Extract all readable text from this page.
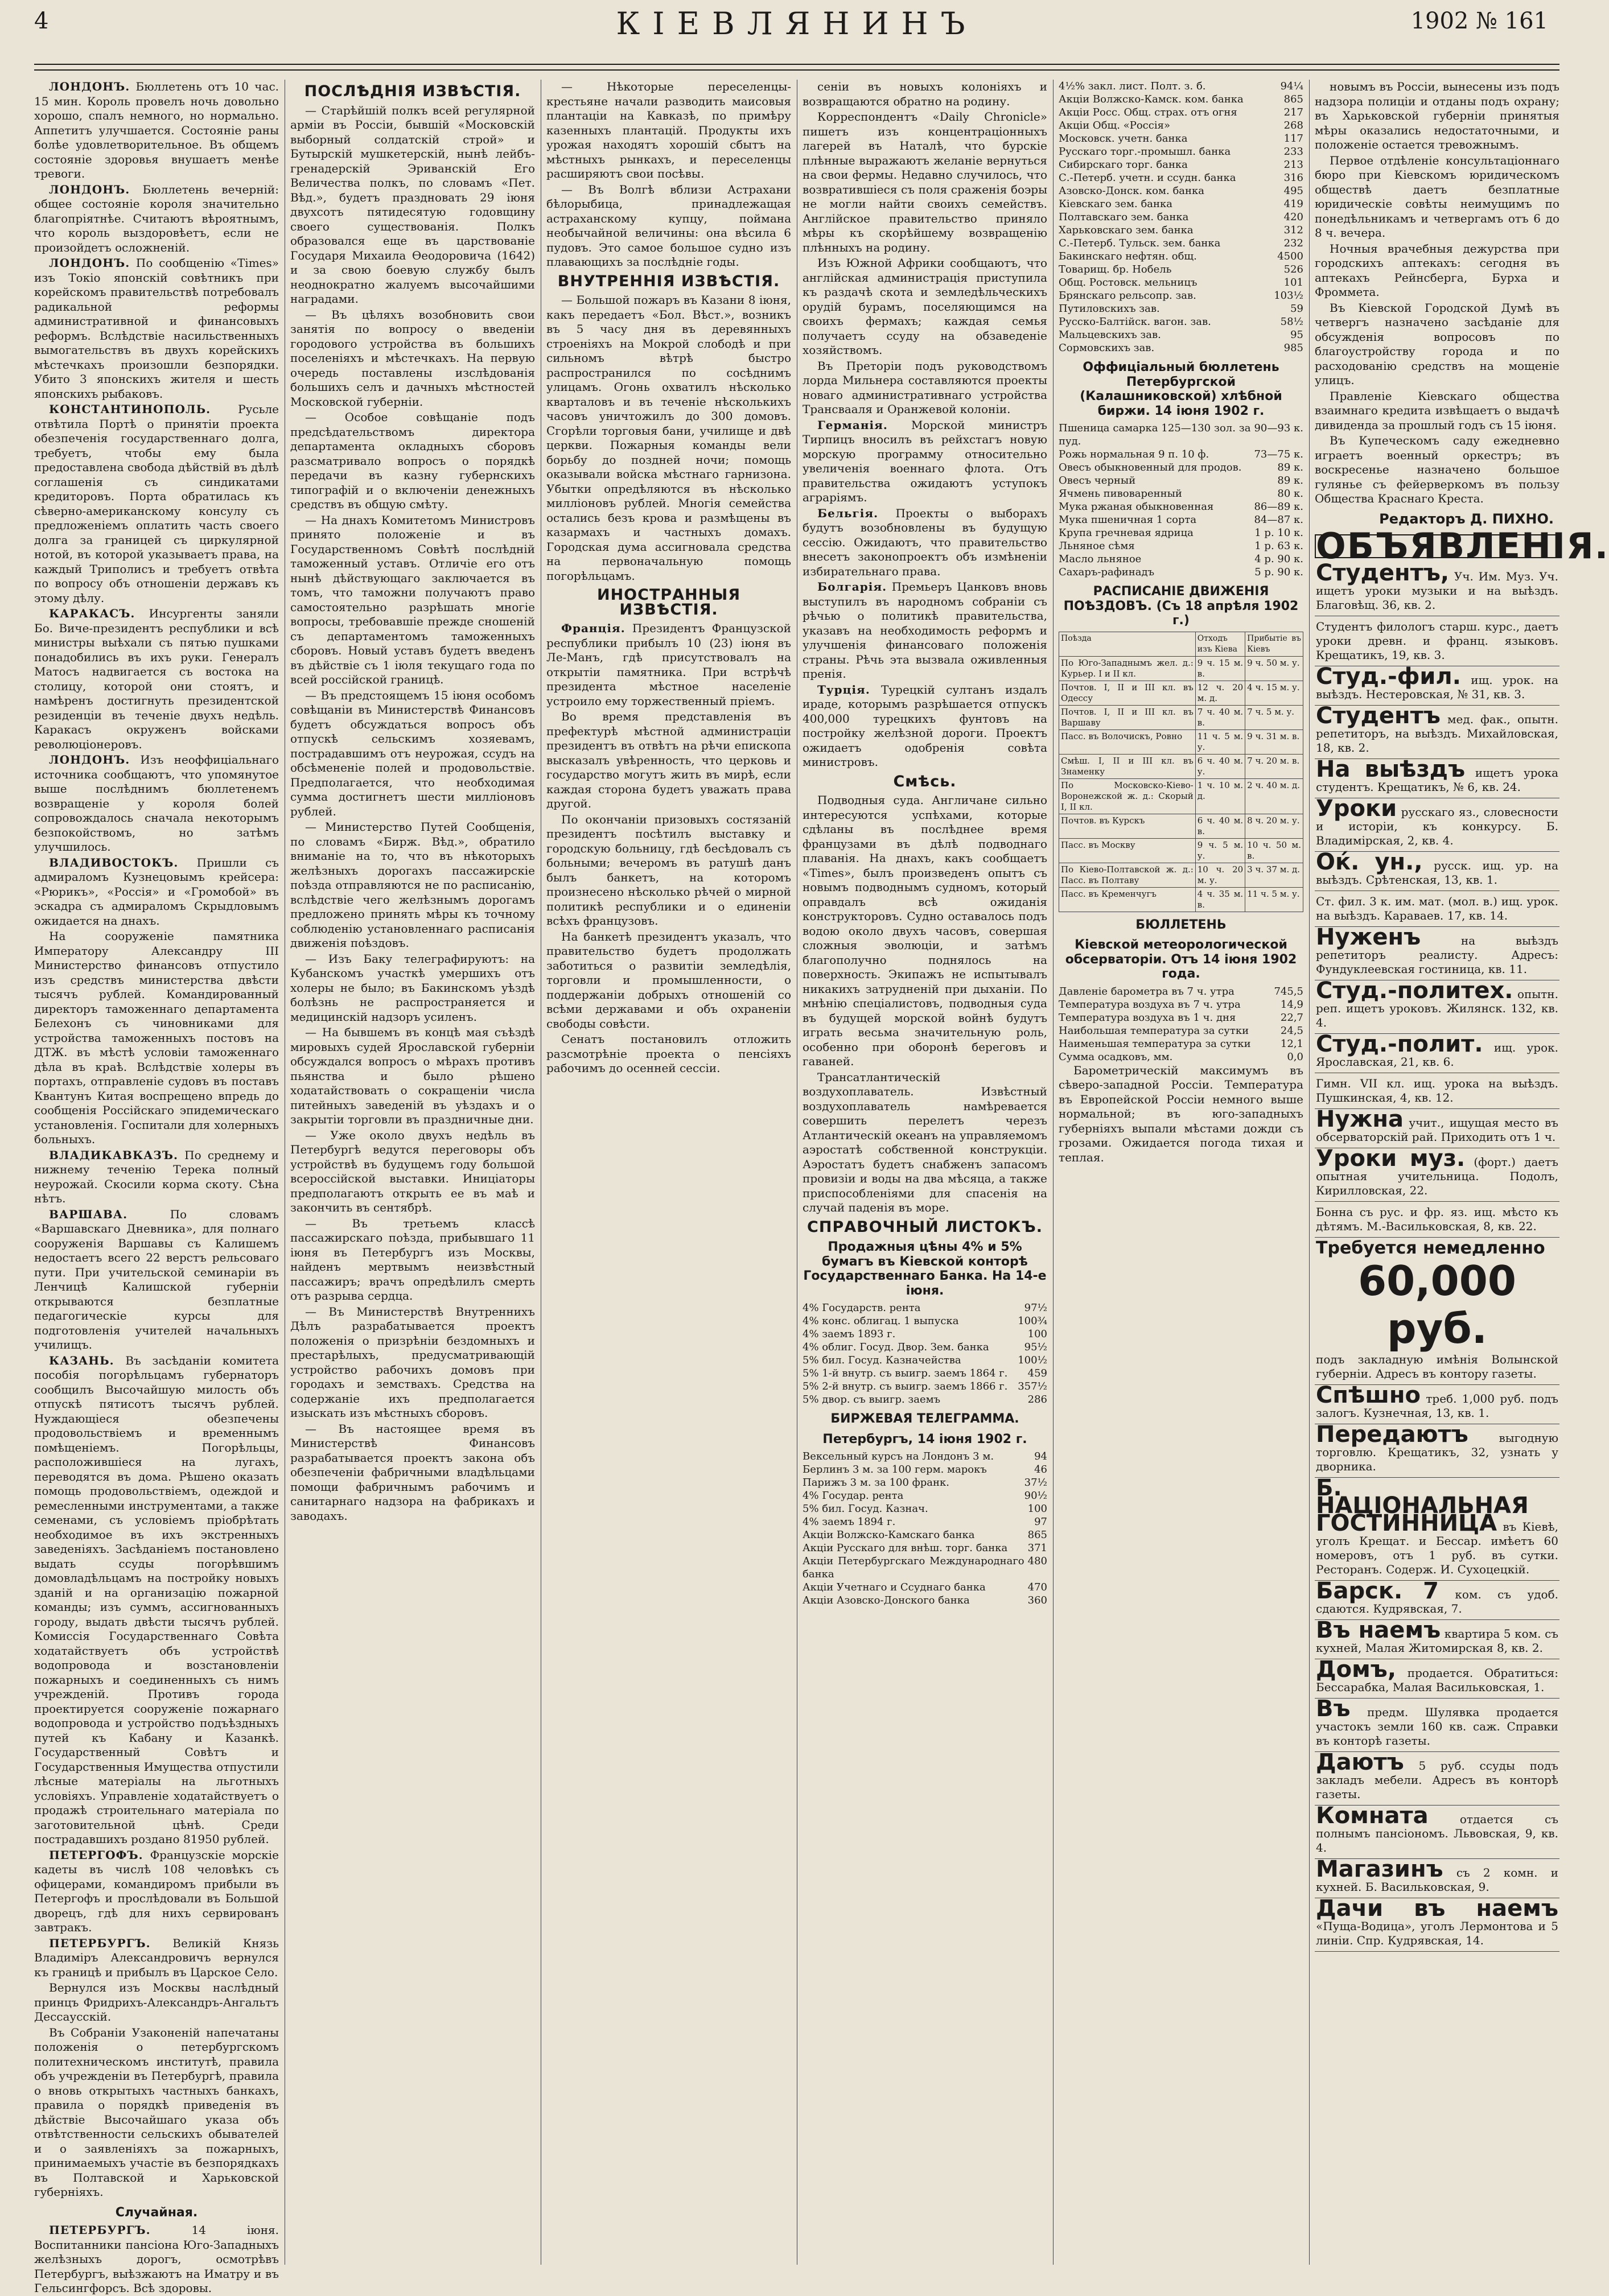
4	КІЕВЛЯНИНЪ	1902 № 161

ЛОНДОНЪ. Бюллетень отъ 10 час. 15 мин. Король провелъ ночь довольно хорошо, спалъ немного, но нормально. Аппетитъ улучшается. Состояніе раны болѣе удовлетворительное. Въ общемъ состояніе здоровья внушаетъ менѣе тревоги.

ЛОНДОНЪ. Бюллетень вечерній: общее состояніе короля значительно благопріятнѣе. Считаютъ вѣроятнымъ, что король выздоровѣетъ, если не произойдетъ осложненій.

ЛОНДОНЪ. По сообщенію «Times» изъ Токіо японскій совѣтникъ при корейскомъ правительствѣ потребовалъ радикальной реформы административной и финансовыхъ реформъ. Вслѣдствіе насильственныхъ вымогательствъ въ двухъ корейскихъ мѣстечкахъ произошли безпорядки. Убито 3 японскихъ жителя и шесть японскихъ рыбаковъ.

КОНСТАНТИНОПОЛЬ. Русьле отвѣтила Портѣ о принятіи проекта обезпеченія государственнаго долга, требуетъ, чтобы ему была предоставлена свобода дѣйствій въ дѣлѣ соглашенія съ синдикатами кредиторовъ. Порта обратилась къ сѣверно-американскому консулу съ предложеніемъ оплатить часть своего долга за границей съ циркулярной нотой, въ которой указываетъ права, на каждый Триполисъ и требуетъ отвѣта по вопросу объ отношеніи державъ къ этому дѣлу.

КАРАКАСЪ. Инсургенты заняли Бо. Виче-президентъ республики и всѣ министры выѣхали съ пятью пушками понадобились въ ихъ руки. Генералъ Матосъ надвигается съ востока на столицу, которой они стоятъ, и намѣренъ достигнуть президентской резиденціи въ теченіе двухъ недѣль. Каракасъ окруженъ войсками революціонеровъ.

ЛОНДОНЪ. Изъ неоффиціальнаго источника сообщаютъ, что упомянутое выше послѣднимъ бюллетенемъ возвращеніе у короля болей сопровождалось сначала некоторымъ безпокойствомъ, но затѣмъ улучшилось.

ВЛАДИВОСТОКЪ. Пришли съ адмираломъ Кузнецовымъ крейсера: «Рюрикъ», «Россія» и «Громобой» въ эскадра съ адмираломъ Скрыдловымъ ожидается на днахъ.

На сооруженіе памятника Императору Александру III Министерство финансовъ отпустило изъ средствъ министерства двѣсти тысячъ рублей. Командированный директоръ таможеннаго департамента Белехонъ съ чиновниками для устройства таможенныхъ постовъ на ДТЖ. въ мѣстѣ условіи таможеннаго дѣла въ краѣ. Вслѣдствіе холеры въ портахъ, отправленіе судовъ въ поставъ Квантунъ Китая воспрещено впредь до сообщенія Россійскаго эпидемическаго установленія. Госпитали для холерныхъ больныхъ.

ВЛАДИКАВКАЗЪ. По среднему и нижнему теченію Терека полный неурожай. Скосили корма скоту. Сѣна нѣтъ.

ВАРШАВА.	По словамъ «Варшавскаго Дневника», для полнаго сооруженія Варшавы съ Калишемъ недостаетъ всего 22 верстъ рельсоваго пути. При учительской семинаріи въ Ленчицѣ Калишской губерніи открываются безплатные педагогическіе курсы для подготовленія учителей начальныхъ училищъ.

КАЗАНЬ. Въ засѣданіи комитета пособія погорѣльцамъ губернаторъ сообщилъ Высочайшую милость объ отпускѣ пятисотъ тысячъ рублей. Нуждающіеся обезпечены продовольствіемъ и временнымъ помѣщеніемъ. Погорѣльцы, расположившіеся на лугахъ, переводятся въ дома. Рѣшено оказать помощь продовольствіемъ, одеждой и ремесленными инструментами, а также семенами, съ условіемъ пріобрѣтать необходимое въ ихъ экстренныхъ заведеніяхъ. Засѣданіемъ постановлено выдать ссуды погорѣвшимъ домовладѣльцамъ на постройку новыхъ зданій и на организацію пожарной команды; изъ суммъ, ассигнованныхъ городу, выдать двѣсти тысячъ рублей. Комиссія Государственнаго Совѣта ходатайствуетъ объ устройствѣ водопровода и возстановленіи пожарныхъ и соединенныхъ съ нимъ учрежденій. Противъ города проектируется сооруженіе пожарнаго водопровода и устройство подъѣздныхъ путей къ Кабану и Казанкѣ. Государственный Совѣтъ и Государственныя Имущества отпустили лѣсные матеріалы на льготныхъ условіяхъ. Управленіе ходатайствуетъ о продажѣ строительнаго матеріала по заготовительной цѣнѣ. Среди пострадавшихъ роздано 81950 рублей.

ПЕТЕРГОФЪ. Французскіе морскіе кадеты въ числѣ 108 человѣкъ съ офицерами, командиромъ прибыли въ Петергофъ и прослѣдовали въ Большой дворецъ, гдѣ для нихъ сервированъ завтракъ.

ПЕТЕРБУРГЪ. Великій Князь Владиміръ Александровичъ вернулся къ границѣ и прибылъ въ Царское Село.

Вернулся изъ Москвы наслѣдный принцъ Фридрихъ-Александръ-Ангальтъ Дессаусскій.

Въ Собраніи Узаконеній напечатаны положенія о петербургскомъ политехническомъ институтѣ, правила объ учрежденіи въ Петербургѣ, правила о вновь открытыхъ частныхъ банкахъ, правила о порядкѣ приведенія въ дѣйствіе Высочайшаго указа объ отвѣтственности сельскихъ обывателей и о заявленіяхъ за пожарныхъ, принимаемыхъ участіе въ безпорядкахъ въ Полтавской и Харьковской губерніяхъ.

Случайная.

ПЕТЕРБУРГЪ.	14 іюня. Воспитанники пансіона Юго-Западныхъ желѣзныхъ дорогъ, осмотрѣвъ Петербургъ, выѣзжаютъ на Иматру и въ Гельсингфорсъ. Всѣ здоровы.

ПОСЛѢДНІЯ ИЗВѢСТІЯ.

— Старѣйшій полкъ всей регулярной арміи въ Россіи, бывшій «Московскій выборный солдатскій строй» и Бутырскій мушкетерскій, нынѣ лейбъ-гренадерскій Эриванскій Его Величества полкъ, по словамъ «Пет. Вѣд.», будетъ праздновать 29 іюня двухсотъ пятидесятую годовщину своего существованія. Полкъ образовался еще въ царствованіе Государя Михаила Ѳеодоровича (1642) и за свою боевую службу былъ неоднократно жалуемъ высочайшими наградами.

— Въ цѣляхъ возобновить свои занятія по вопросу о введеніи городового устройства въ большихъ поселеніяхъ и мѣстечкахъ. На первую очередь поставлены изслѣдованія большихъ селъ и дачныхъ мѣстностей Московской губерніи.

— Особое совѣщаніе подъ предсѣдательствомъ директора департамента окладныхъ сборовъ разсматривало вопросъ о порядкѣ передачи въ казну губернскихъ типографій и о включеніи денежныхъ средствъ въ общую смѣту.

— На днахъ Комитетомъ Министровъ принято положеніе и въ Государственномъ Совѣтѣ послѣдній таможенный уставъ. Отличіе его отъ нынѣ дѣйствующаго заключается въ томъ, что таможни получаютъ право самостоятельно разрѣшать многіе вопросы, требовавшіе прежде сношеній съ департаментомъ таможенныхъ сборовъ. Новый уставъ будетъ введенъ въ дѣйствіе съ 1 іюля текущаго года по всей россійской границѣ.

— Въ предстоящемъ 15 іюня особомъ совѣщаніи въ Министерствѣ Финансовъ будетъ обсуждаться вопросъ объ отпускѣ сельскимъ хозяевамъ, пострадавшимъ отъ неурожая, ссудъ на обсѣмененіе полей и продовольствіе. Предполагается, что необходимая сумма достигнетъ шести милліоновъ рублей.

— Министерство Путей Сообщенія, по словамъ «Бирж. Вѣд.», обратило вниманіе на то, что въ нѣкоторыхъ желѣзныхъ дорогахъ пассажирскіе поѣзда отправляются не по расписанію, вслѣдствіе чего желѣзнымъ дорогамъ предложено принять мѣры къ точному соблюденію установленнаго расписанія движенія поѣздовъ.

— Изъ Баку телеграфируютъ: на Кубанскомъ участкѣ умершихъ отъ холеры не было; въ Бакинскомъ уѣздѣ болѣзнь не распространяется и медицинскій надзоръ усиленъ.

— На бывшемъ въ концѣ мая съѣздѣ мировыхъ судей Ярославской губерніи обсуждался вопросъ о мѣрахъ противъ пьянства и было рѣшено ходатайствовать о сокращеніи числа питейныхъ заведеній въ уѣздахъ и о закрытіи торговли въ праздничные дни.

— Уже около двухъ недѣль въ Петербургѣ ведутся переговоры объ устройствѣ въ будущемъ году большой всероссійской выставки. Иниціаторы предполагаютъ открыть ее въ маѣ и закончить въ сентябрѣ.

— Въ третьемъ классѣ пассажирскаго поѣзда, прибывшаго 11 іюня въ Петербургъ изъ Москвы, найденъ мертвымъ неизвѣстный пассажиръ; врачъ опредѣлилъ смерть отъ разрыва сердца.

— Въ Министерствѣ Внутреннихъ Дѣлъ разрабатывается проектъ положенія о призрѣніи бездомныхъ и престарѣлыхъ, предусматривающій устройство рабочихъ домовъ при городахъ и земствахъ. Средства на содержаніе ихъ предполагается изыскать изъ мѣстныхъ сборовъ.

— Въ настоящее время въ Министерствѣ Финансовъ разрабатывается проектъ закона объ обезпеченіи фабричными владѣльцами помощи фабричнымъ рабочимъ и санитарнаго надзора на фабрикахъ и заводахъ.

— Нѣкоторые переселенцы-крестьяне начали разводить маисовыя плантаціи на Кавказѣ, по примѣру казенныхъ плантацій. Продукты ихъ урожая находятъ хорошій сбытъ на мѣстныхъ рынкахъ, и переселенцы расширяютъ свои посѣвы.

— Въ Волгѣ вблизи Астрахани бѣлорыбица, принадлежащая астраханскому купцу, поймана необычайной величины: она вѣсила 6 пудовъ. Это самое большое судно изъ плавающихъ за послѣдніе годы.

ВНУТРЕННІЯ ИЗВѢСТІЯ.

— Большой пожаръ въ Казани 8 іюня, какъ передаетъ «Бол. Вѣст.», возникъ въ 5 часу дня въ деревянныхъ строеніяхъ на Мокрой слободѣ и при сильномъ вѣтрѣ быстро распространился по сосѣднимъ улицамъ. Огонь охватилъ нѣсколько кварталовъ и въ теченіе нѣсколькихъ часовъ уничтожилъ до 300 домовъ. Сгорѣли торговыя бани, училище и двѣ церкви. Пожарныя команды вели борьбу до поздней ночи; помощь оказывали войска мѣстнаго гарнизона. Убытки опредѣляются въ нѣсколько милліоновъ рублей. Многія семейства остались безъ крова и размѣщены въ казармахъ и частныхъ домахъ. Городская дума ассигновала средства на первоначальную помощь погорѣльцамъ.

ИНОСТРАННЫЯ ИЗВѢСТІЯ.

Франція. Президентъ Французской республики прибылъ 10 (23) іюня въ Ле-Манъ, гдѣ присутствовалъ на открытіи памятника. При встрѣчѣ президента мѣстное населеніе устроило ему торжественный пріемъ.

Во время представленія въ префектурѣ мѣстной администраціи президентъ въ отвѣтъ на рѣчи епископа высказалъ увѣренность, что церковь и государство могутъ жить въ мирѣ, если каждая сторона будетъ уважать права другой.

По окончаніи призовыхъ состязаній президентъ посѣтилъ выставку и городскую больницу, гдѣ бесѣдовалъ съ больными; вечеромъ въ ратушѣ данъ былъ банкетъ, на которомъ произнесено нѣсколько рѣчей о мирной политикѣ республики и о единеніи всѣхъ французовъ.

На банкетѣ президентъ указалъ, что правительство будетъ продолжать заботиться о развитіи земледѣлія, торговли и промышленности, о поддержаніи добрыхъ отношеній со всѣми державами и объ охраненіи свободы совѣсти.

Сенатъ постановилъ отложить разсмотрѣніе проекта о пенсіяхъ рабочимъ до осенней сессіи.

сеніи въ новыхъ колоніяхъ и возвращаются обратно на родину.

Корреспондентъ «Daily Chronicle» пишетъ изъ концентраціонныхъ лагерей въ Наталѣ, что бурскіе плѣнные выражаютъ желаніе вернуться на свои фермы. Недавно случилось, что возвратившіеся съ поля сраженія боэры не могли найти своихъ семействъ. Англійское правительство приняло мѣры къ скорѣйшему возвращенію плѣнныхъ на родину.

Изъ Южной Африки сообщаютъ, что англійская администрація приступила къ раздачѣ скота и земледѣльческихъ орудій бурамъ, поселяющимся на своихъ фермахъ; каждая семья получаетъ ссуду на обзаведеніе хозяйствомъ.

Въ Преторіи подъ руководствомъ лорда Мильнера составляются проекты новаго административнаго устройства Трансвааля и Оранжевой колоніи.

Германія. Морской министръ Тирпицъ вносилъ въ рейхстагъ новую морскую программу относительно увеличенія военнаго флота. Отъ правительства ожидаютъ уступокъ аграріямъ.

Бельгія. Проекты о выборахъ будутъ возобновлены въ будущую сессію. Ожидаютъ, что правительство внесетъ законопроектъ объ измѣненіи избирательнаго права.

Болгарія. Премьеръ Цанковъ вновь выступилъ въ народномъ собраніи съ рѣчью о политикѣ правительства, указавъ на необходимость реформъ и улучшенія финансоваго положенія страны. Рѣчь эта вызвала оживленныя пренія.

Турція. Турецкій султанъ издалъ ираде, которымъ разрѣшается отпускъ 400,000 турецкихъ фунтовъ на постройку желѣзной дороги. Проектъ ожидаетъ одобренія совѣта министровъ.

Смѣсь.

Подводныя суда. Англичане сильно интересуются успѣхами, которые сдѣланы въ послѣднее время французами въ дѣлѣ подводнаго плаванія. На днахъ, какъ сообщаетъ «Times», былъ произведенъ опытъ съ новымъ подводнымъ судномъ, который оправдалъ всѣ ожиданія конструкторовъ. Судно оставалось подъ водою около двухъ часовъ, совершая сложныя эволюціи, и затѣмъ благополучно поднялось на поверхность. Экипажъ не испытывалъ никакихъ затрудненій при дыханіи. По мнѣнію спеціалистовъ, подводныя суда въ будущей морской войнѣ будутъ играть весьма значительную роль, особенно при оборонѣ береговъ и гаваней.

Трансатлантическій воздухоплаватель. Извѣстный воздухоплаватель намѣревается совершить перелетъ черезъ Атлантическій океанъ на управляемомъ аэростатѣ собственной конструкціи. Аэростатъ будетъ снабженъ запасомъ провизіи и воды на два мѣсяца, а также приспособленіями для спасенія на случай паденія въ море.

СПРАВОЧНЫЙ ЛИСТОКЪ.
Продажныя цѣны 4% и 5% бумагъ въ Кіевской конторѣ Государственнаго Банка. На 14-е іюня.
4% Государств. рента	97½
4% конс. облигац. 1 выпуска	100¾
4% заемъ 1893 г.	100
4% облиг. Госуд. Двор. Зем. банка	95½
5% бил. Госуд. Казначейства	100½
5% 1-й внутр. съ выигр. заемъ 1864 г.	459
5% 2-й внутр. съ выигр. заемъ 1866 г. 357½
5% двор. съ выигр. заемъ	286
БИРЖЕВАЯ ТЕЛЕГРАММА.
Петербургъ, 14 іюня 1902 г.
Вексельный курсъ на Лондонъ 3 м.	94
Берлинъ 3 м. за 100 герм. марокъ	46
Парижъ 3 м. за 100 франк.	37½
4% Государ. рента	90½
5% бил. Госуд. Казнач.	100
4% заемъ 1894 г.	97
Акціи Волжско-Камскаго банка	865
Акціи Русскаго для внѣш. торг. банка	371
Акціи Петербургскаго Международнаго банка
480
Акціи Учетнаго и Ссуднаго банка	470
Акціи Азовско-Донского банка	360
4½% закл. лист. Полт. з. б.	94¼
Акціи Волжско-Камск. ком. банка	865
Акціи Росс. Общ. страх. отъ огня	217
Акціи Общ. «Россія»	268
Московск. учетн. банка	117
Русскаго торг.-промышл. банка	233
Сибирскаго торг. банка	213
С.-Петерб. учетн. и ссудн. банка	316
Азовско-Донск. ком. банка	495
Кіевскаго зем. банка	419
Полтавскаго зем. банка	420
Харьковскаго зем. банка	312
С.-Петерб. Тульск. зем. банка	232
Бакинскаго нефтян. общ.	4500
Товарищ. бр. Нобель	526
Общ. Ростовск. мельницъ	101
Брянскаго рельсопр. зав.	103½
Путиловскихъ зав.	59
Русско-Балтійск. вагон. зав.	58½
Мальцевскихъ зав.	95
Сормовскихъ зав.	985
Оффиціальный бюллетень Петербургской (Калашниковской) хлѣбной биржи. 14 іюня 1902 г.
Пшеница самарка 125—130 зол. за пуд.
90—93 к.
Рожь нормальная 9 п. 10 ф.	73—75 к.
Овесъ обыкновенный для продов.	89 к.
Овесъ черный	89 к.
Ячмень пивоваренный	80 к.
Мука ржаная обыкновенная	86—89 к.
Мука пшеничная 1 сорта	84—87 к.
Крупа гречневая ядрица	1 р. 10 к.
Льняное сѣмя	1 р. 63 к.
Масло льняное	4 р. 90 к.
Сахаръ-рафинадъ	5 р. 90 к.
РАСПИСАНІЕ ДВИЖЕНІЯ ПОѢЗДОВЪ. (Съ 18 апрѣля 1902 г.)
Поѣзда	Отходъ изъ Кіева	Прибытіе въ Кіевъ
По Юго-Западнымъ жел. д.: Курьер. І и ІІ кл.	9 ч. 15 м. в.	9 ч. 50 м. у.
Почтов. І, ІІ и ІІІ кл. въ Одессу	12 ч. 20 м. д.	4 ч. 15 м. у.
Почтов. І, ІІ и ІІІ кл. въ Варшаву	7 ч. 40 м. в.	7 ч. 5 м. у.
Пасс. въ Волочискъ, Ровно	11 ч. 5 м. у.	9 ч. 31 м. в.
Смѣш. І, ІІ и ІІІ кл. въ Знаменку	6 ч. 40 м. у.	7 ч. 20 м. в.
По Московско-Кіево-Воронежской ж. д.: Скорый І, ІІ кл.	1 ч. 10 м. д.	2 ч. 40 м. д.
Почтов. въ Курскъ	6 ч. 40 м. в.	8 ч. 20 м. у.
Пасс. въ Москву	9 ч. 5 м. у.	10 ч. 50 м. в.
По Кіево-Полтавской ж. д.: Пасс. въ Полтаву	10 ч. 20 м. у.	3 ч. 37 м. д.
Пасс. въ Кременчугъ	4 ч. 35 м. в.	11 ч. 5 м. у.
БЮЛЛЕТЕНЬ
Кіевской метеорологической обсерваторіи. Отъ 14 іюня 1902 года.
Давленіе барометра въ 7 ч. утра	745,5
Температура воздуха въ 7 ч. утра	14,9
Температура воздуха въ 1 ч. дня	22,7
Наибольшая температура за сутки	24,5
Наименьшая температура за сутки	12,1
Сумма осадковъ, мм.	0,0

Барометрическій максимумъ въ сѣверо-западной Россіи. Температура въ Европейской Россіи немного выше нормальной; въ юго-западныхъ губерніяхъ выпали мѣстами дожди съ грозами. Ожидается погода тихая и теплая.

новымъ въ Россіи, вынесены изъ подъ надзора полиціи и отданы подъ охрану; въ Харьковской губерніи принятыя мѣры оказались недостаточными, и положеніе остается тревожнымъ.

Первое отдѣленіе консультаціоннаго бюро при Кіевскомъ юридическомъ обществѣ даетъ безплатные юридическіе совѣты неимущимъ по понедѣльникамъ и четвергамъ отъ 6 до 8 ч. вечера.

Ночныя врачебныя дежурства при городскихъ аптекахъ: сегодня въ аптекахъ Рейнсберга, Бурха и Фроммета.

Въ Кіевской Городской Думѣ въ четвергъ назначено засѣданіе для обсужденія вопросовъ по благоустройству города и по расходованію средствъ на мощеніе улицъ.

Правленіе Кіевскаго общества взаимнаго кредита извѣщаетъ о выдачѣ дивиденда за прошлый годъ съ 15 іюня.

Въ Купеческомъ саду ежедневно играетъ военный оркестръ; въ воскресенье назначено большое гулянье съ фейерверкомъ въ пользу Общества Краснаго Креста.

Редакторъ Д. ПИХНО.
ОБЪЯВЛЕНІЯ.
Студентъ, Уч. Им. Муз. Уч. ищетъ уроки музыки и на выѣздъ. Благовѣщ. 36, кв. 2.
Студентъ филологъ старш. курс., даетъ уроки древн. и франц. языковъ. Крещатикъ, 19, кв. 3.
Студ.-фил. ищ. урок. на выѣздъ. Нестеровская, № 31, кв. 3.
Студентъ мед. фак., опытн. репетиторъ, на выѣздъ. Михайловская, 18, кв. 2.
На выѣздъ ищетъ урока студентъ. Крещатикъ, № 6, кв. 24.
Уроки русскаго яз., словесности и исторіи, къ конкурсу. Б. Владимірская, 2, кв. 4.
Оќ. ун., русск. ищ. ур. на выѣздъ. Срѣтенская, 13, кв. 1.
Ст. фил. 3 к. им. мат. (мол. в.) ищ. урок. на выѣздъ. Караваев. 17, кв. 14.
Нуженъ	на выѣздъ репетиторъ реалисту. Адресъ: Фундуклеевская гостиница, кв. 11.
Студ.-политех. опытн. реп. ищетъ уроковъ. Жилянск. 132, кв. 4.
Студ.-полит. ищ. урок. Ярославская, 21, кв. 6.
Гимн. VII кл. ищ. урока на выѣздъ. Пушкинская, 4, кв. 12.
Нужна учит., ищущая место въ обсерваторскій рай. Приходить отъ 1 ч.
Уроки муз. (форт.) даетъ опытная учительница. Подолъ, Кирилловская, 22.
Бонна съ рус. и фр. яз. ищ. мѣсто къ дѣтямъ. М.-Васильковская, 8, кв. 22.
Требуется немедленно
60,000 руб.
подъ закладную имѣнія Волынской губерніи. Адресъ въ контору газеты.
Спѣшно треб. 1,000 руб. подъ залогъ. Кузнечная, 13, кв. 1.
Передаютъ	выгодную торговлю. Крещатикъ, 32, узнать у дворника.
Б. НАЦІОНАЛЬНАЯ ГОСТИННИЦА въ Кіевѣ, уголъ Крещат. и Бессар. имѣетъ 60 номеровъ, отъ 1 руб. въ сутки. Ресторанъ. Содерж. И. Сухоцецкій.
Барск. 7 ком. съ удоб. сдаются. Кудрявская, 7.
Въ наемъ квартира 5 ком. съ кухней, Малая Житомирская 8, кв. 2.
Домъ, продается. Обратиться: Бессарабка, Малая Васильковская, 1.
Въ предм. Шулявка продается участокъ земли 160 кв. саж. Справки въ конторѣ газеты.
Даютъ 5 руб. ссуды подъ закладъ мебели. Адресъ въ конторѣ газеты.
Комната	отдается съ полнымъ пансіономъ. Львовская, 9, кв. 4.
Магазинъ съ 2 комн. и кухней. Б. Васильковская, 9.
Дачи въ наемъ «Пуща-Водица», уголъ Лермонтова и 5 линіи. Спр. Кудрявская, 14.
